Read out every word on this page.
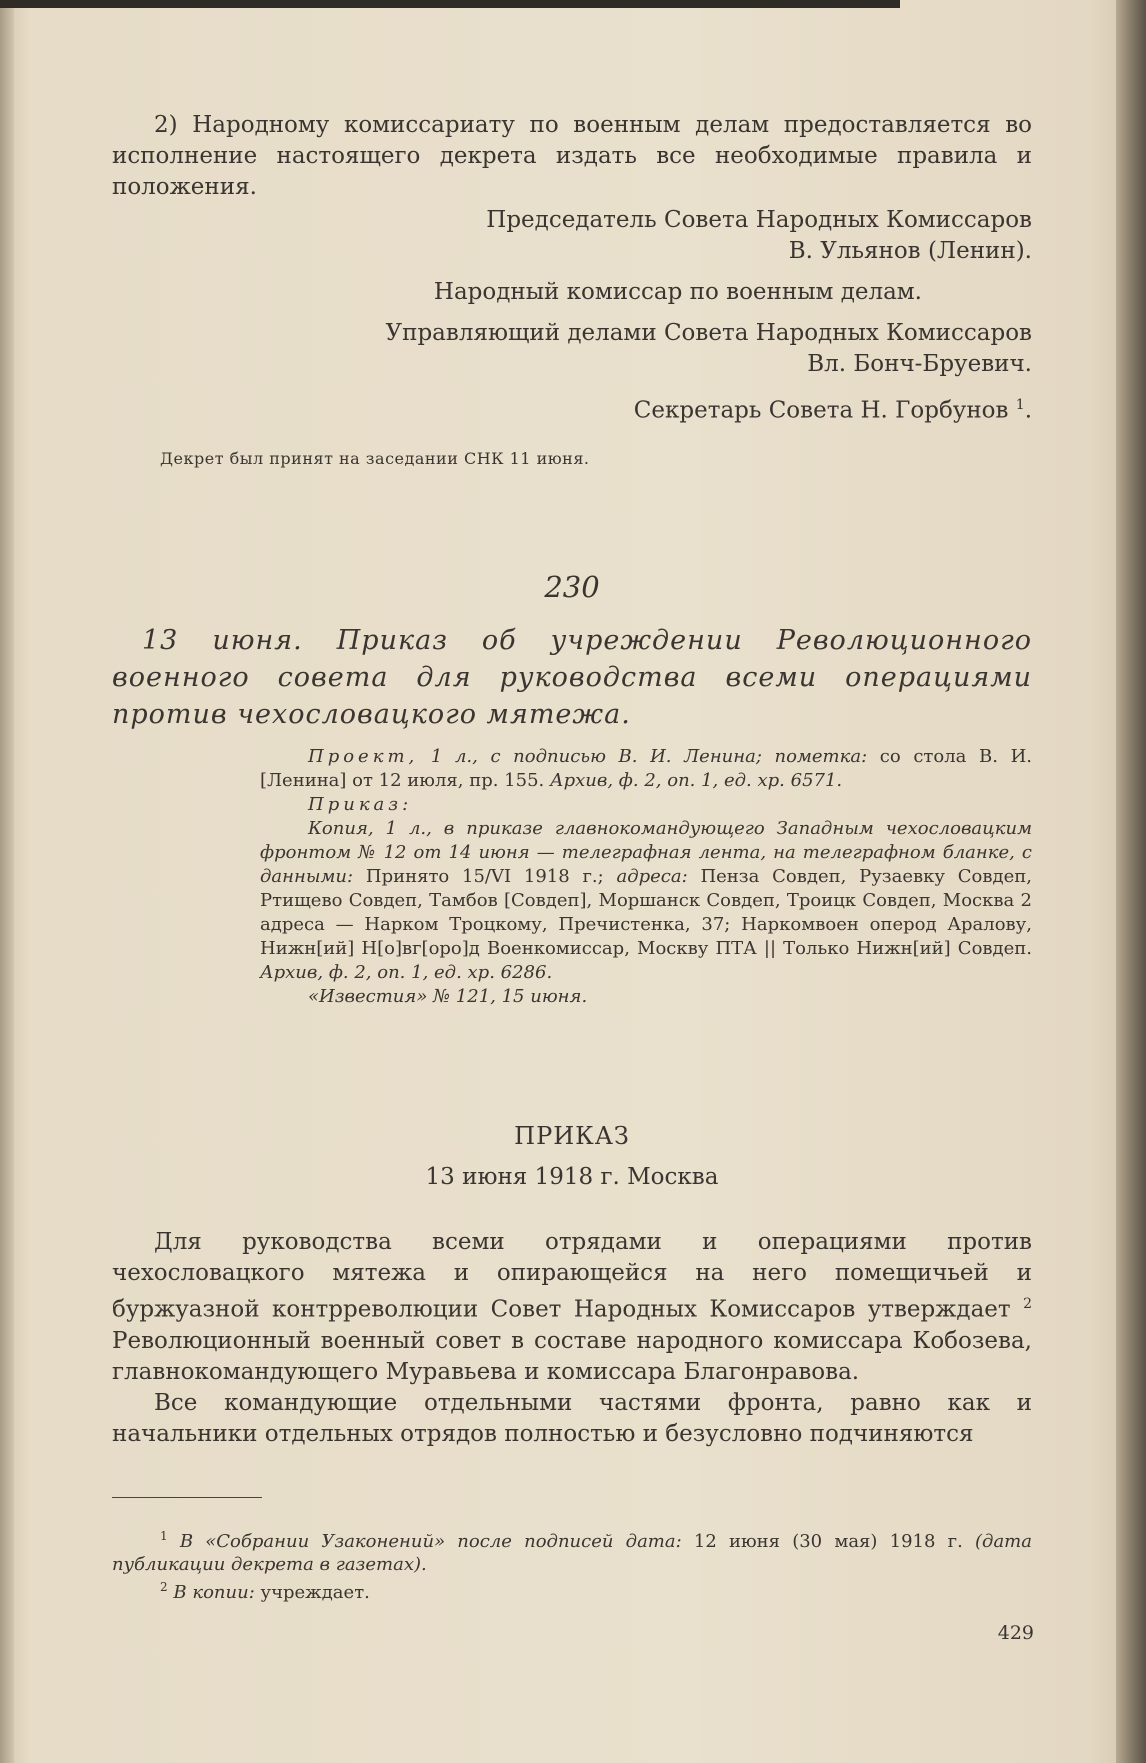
2) Народному комиссариату по военным делам предоставляется во исполнение настоящего декрета издать все необходимые правила и положения.

Председатель Совета Народных Комиссаров

В. Ульянов (Ленин).

Народный комиссар по военным делам.

Управляющий делами Совета Народных Комиссаров

Вл. Бонч-Бруевич.

Секретарь Совета Н. Горбунов $^1$.

Декрет был принят на заседании СНК 11 июня.

230

13 июня. Приказ об учреждении Революционного военного совета для руководства всеми операциями против чехословацкого мятежа.

Проект, 1 л., с подписью В. И. Ленина; пометка: со стола В. И. [Ленина] от 12 июля, пр. 155. Архив, ф. 2, оп. 1, ед. хр. 6571.

Приказ:

Копия, 1 л., в приказе главнокомандующего Западным чехословацким фронтом № 12 от 14 июня — телеграфная лента, на телеграфном бланке, с данными: Принято 15/VI 1918 г.; адреса: Пенза Совдеп, Рузаевку Совдеп, Ртищево Совдеп, Тамбов [Совдеп], Моршанск Совдеп, Троицк Совдеп, Москва 2 адреса — Нарком Троцкому, Пречистенка, 37; Наркомвоен оперод Аралову, Нижн[ий] Н[о]вг[оро]д Военкомиссар, Москву ПТА || Только Нижн[ий] Совдеп. Архив, ф. 2, оп. 1, ед. хр. 6286.

«Известия» № 121, 15 июня.

ПРИКАЗ

13 июня 1918 г. Москва

Для руководства всеми отрядами и операциями против чехословацкого мятежа и опирающейся на него помещичьей и буржуазной контрреволюции Совет Народных Комиссаров утверждает $^2$ Революционный военный совет в составе народного комиссара Кобозева, главнокомандующего Муравьева и комиссара Благонравова.

Все командующие отдельными частями фронта, равно как и начальники отдельных отрядов полностью и безусловно подчиняются

$^1$ В «Собрании Узаконений» после подписей дата: 12 июня (30 мая) 1918 г. (дата публикации декрета в газетах).

$^2$ В копии: учреждает.

429
